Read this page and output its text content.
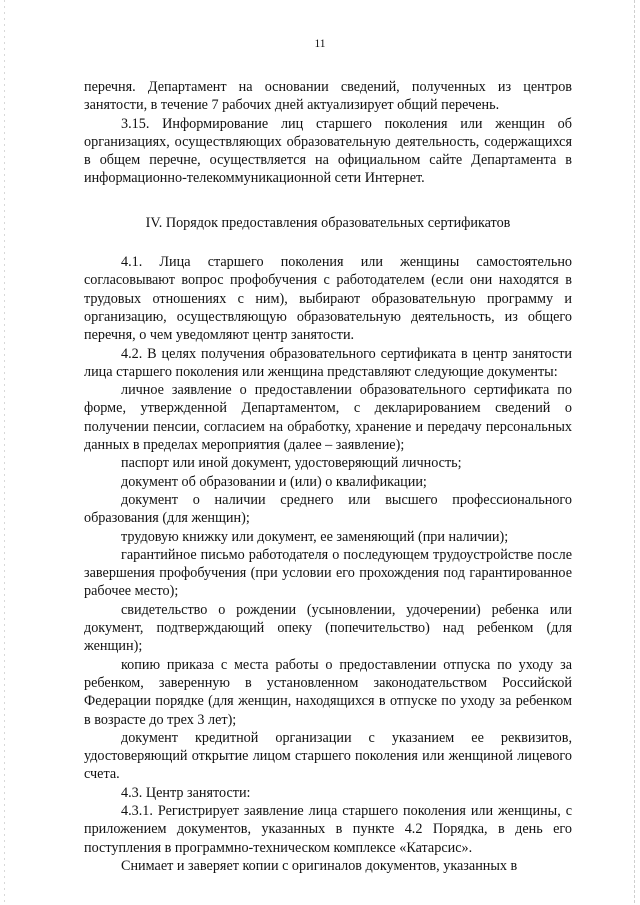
11

перечня. Департамент на основании сведений, полученных из центров занятости, в течение 7 рабочих дней актуализирует общий перечень.

3.15. Информирование лиц старшего поколения или женщин об организациях, осуществляющих образовательную деятельность, содержащихся в общем перечне, осуществляется на официальном сайте Департамента в информационно-телекоммуникационной сети Интернет.

IV. Порядок предоставления образовательных сертификатов

4.1. Лица старшего поколения или женщины самостоятельно согласовывают вопрос профобучения с работодателем (если они находятся в трудовых отношениях с ним), выбирают образовательную программу и организацию, осуществляющую образовательную деятельность, из общего перечня, о чем уведомляют центр занятости.

4.2. В целях получения образовательного сертификата в центр занятости лица старшего поколения или женщина представляют следующие документы:

личное заявление о предоставлении образовательного сертификата по форме, утвержденной Департаментом, с декларированием сведений о получении пенсии, согласием на обработку, хранение и передачу персональных данных в пределах мероприятия (далее – заявление);

паспорт или иной документ, удостоверяющий личность;

документ об образовании и (или) о квалификации;

документ о наличии среднего или высшего профессионального образования (для женщин);

трудовую книжку или документ, ее заменяющий (при наличии);

гарантийное письмо работодателя о последующем трудоустройстве после завершения профобучения (при условии его прохождения под гарантированное рабочее место);

свидетельство о рождении (усыновлении, удочерении) ребенка или документ, подтверждающий опеку (попечительство) над ребенком (для женщин);

копию приказа с места работы о предоставлении отпуска по уходу за ребенком, заверенную в установленном законодательством Российской Федерации порядке (для женщин, находящихся в отпуске по уходу за ребенком в возрасте до трех 3 лет);

документ кредитной организации с указанием ее реквизитов, удостоверяющий открытие лицом старшего поколения или женщиной лицевого счета.

4.3. Центр занятости:

4.3.1. Регистрирует заявление лица старшего поколения или женщины, с приложением документов, указанных в пункте 4.2 Порядка, в день его поступления в программно-техническом комплексе «Катарсис».

Снимает и заверяет копии с оригиналов документов, указанных в
